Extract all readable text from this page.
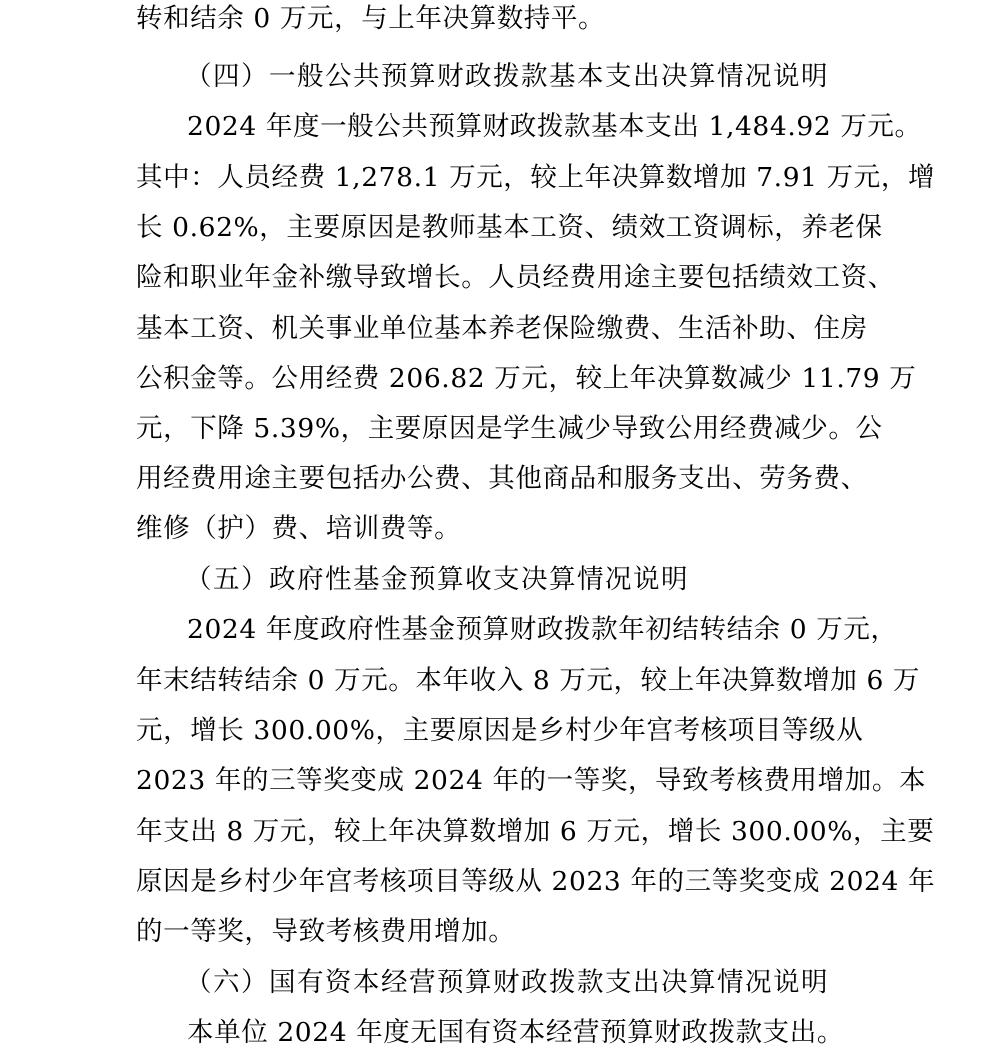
转和结余 0 万元，与上年决算数持平。
（四）一般公共预算财政拨款基本支出决算情况说明
2024 年度一般公共预算财政拨款基本支出 1,484.92 万元。
其中：人员经费 1,278.1 万元，较上年决算数增加 7.91 万元，增
长 0.62%，主要原因是教师基本工资、绩效工资调标，养老保
险和职业年金补缴导致增长。人员经费用途主要包括绩效工资、
基本工资、机关事业单位基本养老保险缴费、生活补助、住房
公积金等。公用经费 206.82 万元，较上年决算数减少 11.79 万
元，下降 5.39%，主要原因是学生减少导致公用经费减少。公
用经费用途主要包括办公费、其他商品和服务支出、劳务费、
维修（护）费、培训费等。
（五）政府性基金预算收支决算情况说明
2024 年度政府性基金预算财政拨款年初结转结余 0 万元，
年末结转结余 0 万元。本年收入 8 万元，较上年决算数增加 6 万
元，增长 300.00%，主要原因是乡村少年宫考核项目等级从
2023 年的三等奖变成 2024 年的一等奖，导致考核费用增加。本
年支出 8 万元，较上年决算数增加 6 万元，增长 300.00%，主要
原因是乡村少年宫考核项目等级从 2023 年的三等奖变成 2024 年
的一等奖，导致考核费用增加。
（六）国有资本经营预算财政拨款支出决算情况说明
本单位 2024 年度无国有资本经营预算财政拨款支出。
